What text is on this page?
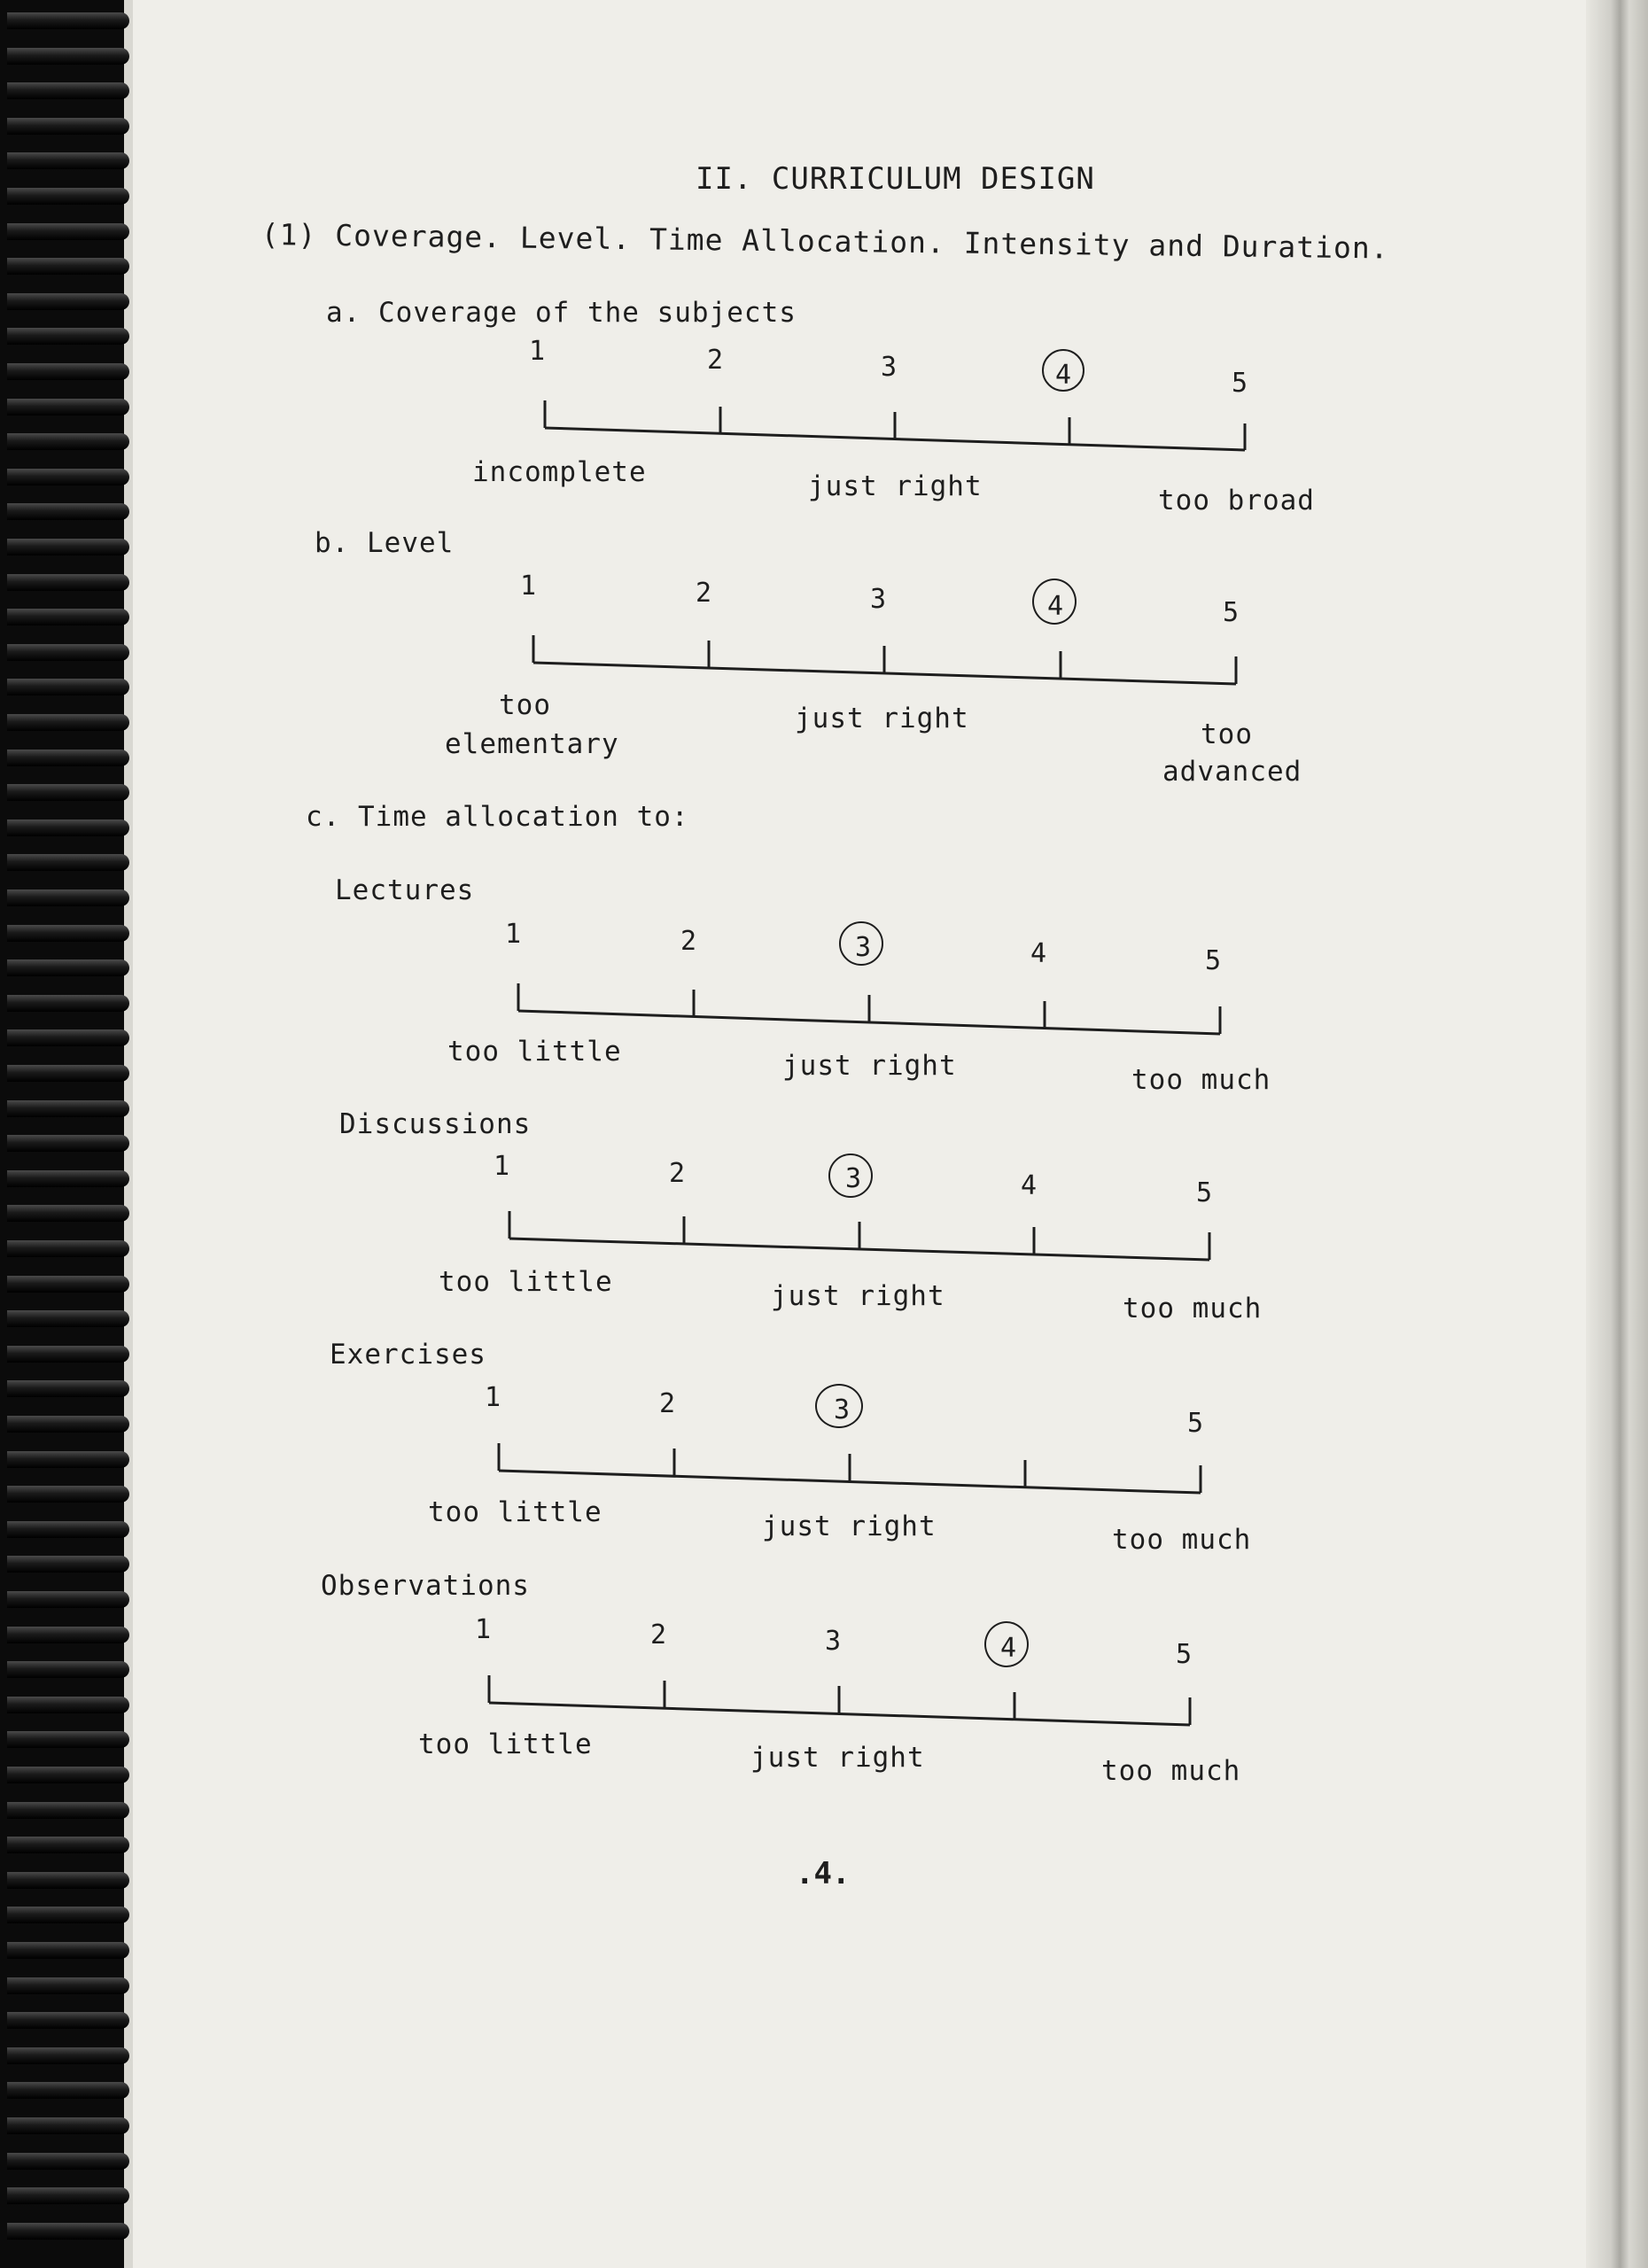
II. CURRICULUM DESIGN
(1) Coverage. Level. Time Allocation. Intensity and Duration.
a. Coverage of the subjects
1	2	3	4	5
incomplete	just right	too broad
b. Level
1	2	3	4	5
too
elementary
just right	too
advanced
c. Time allocation to:
Lectures
1	2	3	4	5
too little	just right	too much
Discussions
1	2	3	4	5
too little	just right	too much
Exercises
1	2	3	5
too little	just right	too much
Observations
1	2	3	4	5
too little	just right	too much
.4.
